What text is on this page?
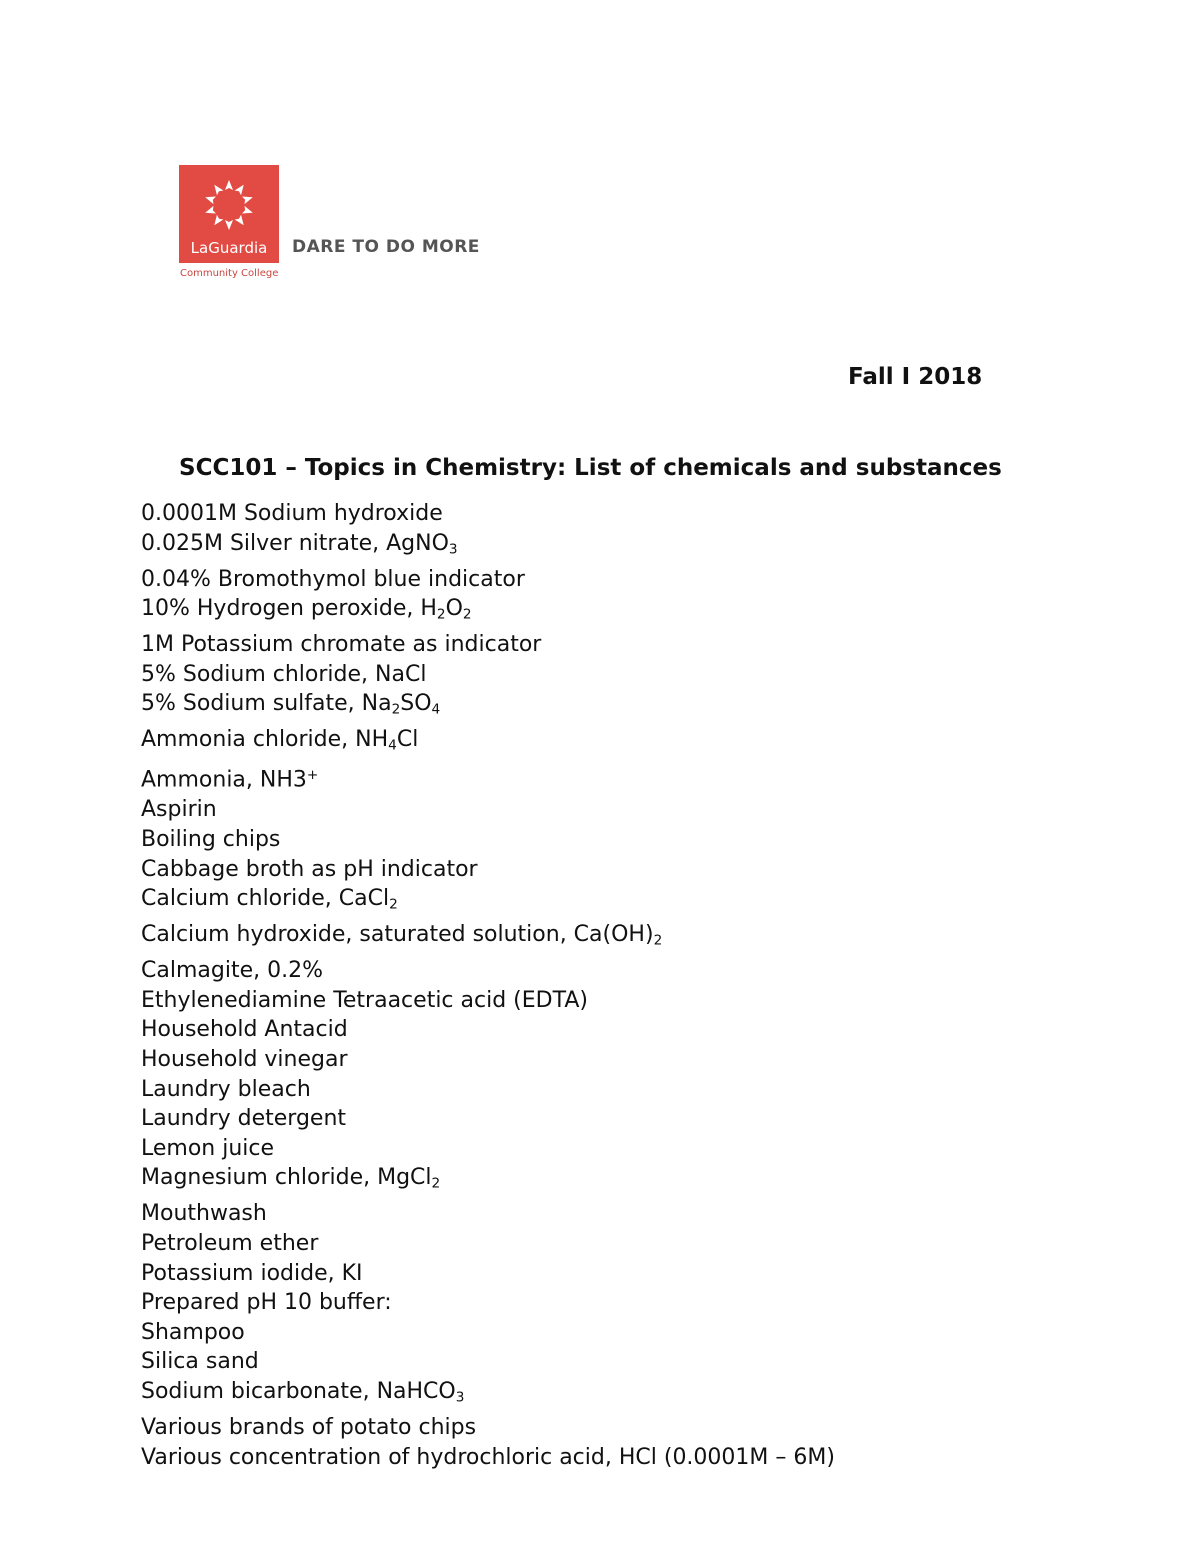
LaGuardia
Community College
DARE TO DO MORE
Fall I 2018
SCC101 – Topics in Chemistry: List of chemicals and substances
0.0001M Sodium hydroxide
0.025M Silver nitrate, AgNO$_3$
0.04% Bromothymol blue indicator
10% Hydrogen peroxide, $H_2O_2$
1M Potassium chromate as indicator
5% Sodium chloride, NaCl
5% Sodium sulfate, $Na_2SO_4$
Ammonia chloride, $NH_4Cl$
Ammonia, NH3+
Aspirin
Boiling chips
Cabbage broth as pH indicator
Calcium chloride, CaCl$_2$
Calcium hydroxide, saturated solution, $Ca(OH)_2$
Calmagite, 0.2%
Ethylenediamine Tetraacetic acid (EDTA)
Household Antacid
Household vinegar
Laundry bleach
Laundry detergent
Lemon juice
Magnesium chloride, MgCl$_2$
Mouthwash
Petroleum ether
Potassium iodide, KI
Prepared pH 10 buffer:
Shampoo
Silica sand
Sodium bicarbonate, NaHCO$_3$
Various brands of potato chips
Various concentration of hydrochloric acid, HCl (0.0001M – 6M)
